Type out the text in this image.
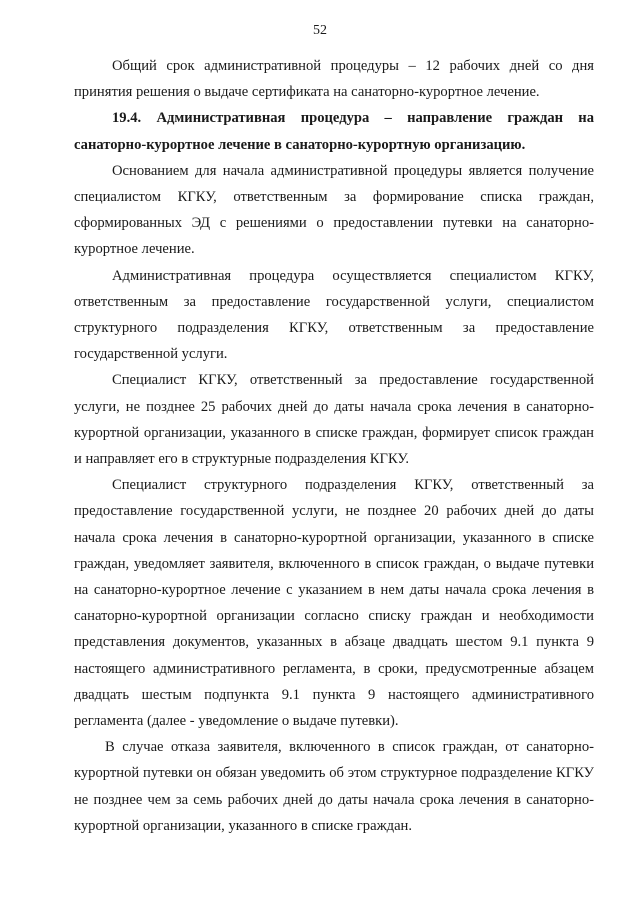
52

Общий срок административной процедуры – 12 рабочих дней со дня принятия решения о выдаче сертификата на санаторно-курортное лечение.

19.4. Административная процедура – направление граждан на санаторно-курортное лечение в санаторно-курортную организацию.

Основанием для начала административной процедуры является получение специалистом КГКУ, ответственным за формирование списка граждан, сформированных ЭД с решениями о предоставлении путевки на санаторно-курортное лечение.

Административная процедура осуществляется специалистом КГКУ, ответственным за предоставление государственной услуги, специалистом структурного подразделения КГКУ, ответственным за предоставление государственной услуги.

Специалист КГКУ, ответственный за предоставление государственной услуги, не позднее 25 рабочих дней до даты начала срока лечения в санаторно-курортной организации, указанного в списке граждан, формирует список граждан и направляет его в структурные подразделения КГКУ.

Специалист структурного подразделения КГКУ, ответственный за предоставление государственной услуги, не позднее 20 рабочих дней до даты начала срока лечения в санаторно-курортной организации, указанного в списке граждан, уведомляет заявителя, включенного в список граждан, о выдаче путевки на санаторно-курортное лечение с указанием в нем даты начала срока лечения в санаторно-курортной организации согласно списку граждан и необходимости представления документов, указанных в абзаце двадцать шестом 9.1 пункта 9 настоящего административного регламента, в сроки, предусмотренные абзацем двадцать шестым подпункта 9.1 пункта 9 настоящего административного регламента (далее - уведомление о выдаче путевки).

В случае отказа заявителя, включенного в список граждан, от санаторно-курортной путевки он обязан уведомить об этом структурное подразделение КГКУ не позднее чем за семь рабочих дней до даты начала срока лечения в санаторно-курортной организации, указанного в списке граждан.
